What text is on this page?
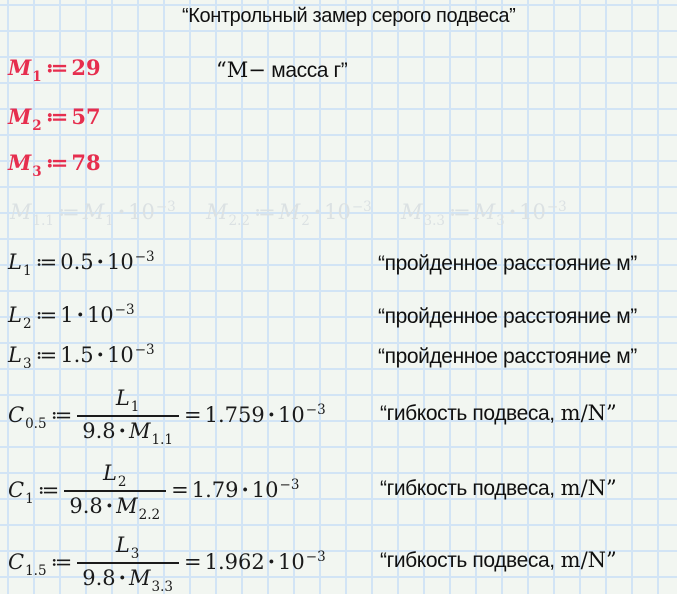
“Контрольный замер серого подвеса”
$M_1$ ≔ 29	“M− масса г”
$M_2$ ≔ 57
$M_3$ ≔ 78
$M_{1.1}$ ≔ $M_1 \cdot 10^{-3}$ $M_{2.2}$ ≔ $M_2 \cdot 10^{-3}$ $M_{3.3}$ ≔ $M_3 \cdot 10^{-3}$
$L_1$ ≔ $0.5 \cdot 10^{-3}$	“пройденное расстояние м”
$L_2$ ≔ $1 \cdot 10^{-3}$	“пройденное расстояние м”
$L_3$ ≔ $1.5 \cdot 10^{-3}$	“пройденное расстояние м”
$C_{0.5}$ ≔ $\frac{L_1}{9.8 \cdot M_{1.1}} = 1.759 \cdot 10^{-3}$	“гибкость подвеса, m/N”
$C_1$ ≔ $\frac{L_2}{9.8 \cdot M_{2.2}} = 1.79 \cdot 10^{-3}$	“гибкость подвеса, m/N”
$C_{1.5}$ ≔ $\frac{L_3}{9.8 \cdot M_{3.3}} = 1.962 \cdot 10^{-3}$	“гибкость подвеса, m/N”
